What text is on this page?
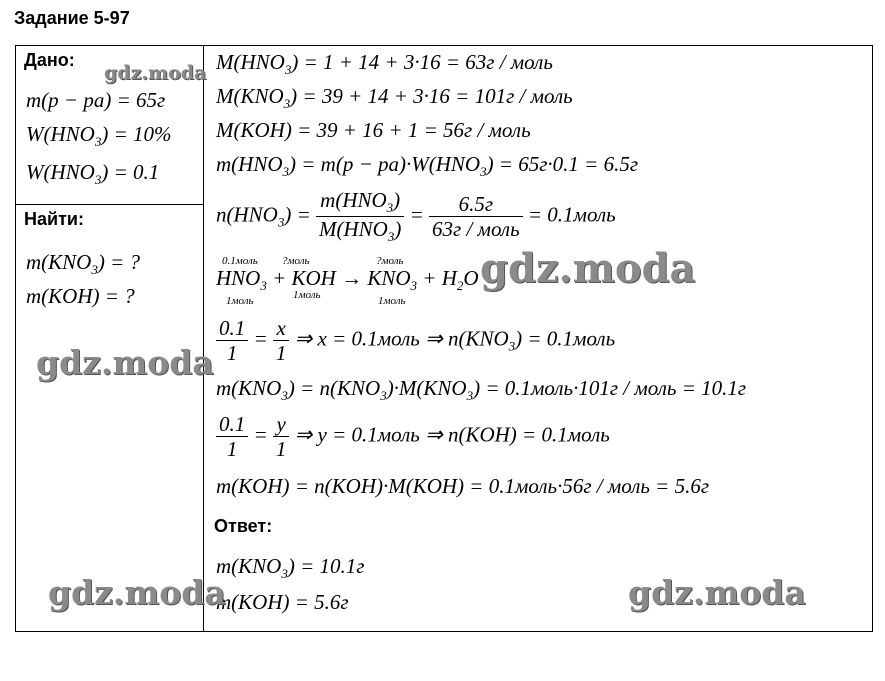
Задание 5-97
Дано:
m(p − pa) = 65г
$W(HNO_3) = 10\%$
$W(HNO_3) = 0.1$
Найти:
$m(KNO_3)$ = ?
m(KOH) = ?
$M(HNO_3) = 1 + 14 + 3\cdot 16 = 63г$ / моль
$M(KNO_3) = 39 + 14 + 3\cdot 16 = 101г$ / моль
M(KOH) = 39 + 16 + 1 = 56г / моль
$m(HNO_3) = m(p - pa)\cdot W(HNO_3) = 65г\cdot 0.1 = 6.5г$
$n(HNO_3) = \frac{m(HNO_3)}{M(HNO_3)} = \frac{6.5г}{\text{63г / моль}}$ = 0.1моль
0.1моль ?моль	?моль
$HNO_3$ + KOH → $KNO_3 + H_2O$
1моль	1моль	1моль
$\frac{0.1}{1} = \frac{x}{1}$ ⇒ x = 0.1моль ⇒ $n(KNO_3)$ = 0.1моль
$m(KNO_3) = n(KNO_3)\cdot M(KNO_3)$ = 0.1моль·101г / моль = 10.1г
$\frac{0.1}{1} = \frac{y}{1}$ ⇒ y = 0.1моль ⇒ n(KOH) = 0.1моль
m(KOH) = n(KOH)·M(KOH) = 0.1моль·56г / моль = 5.6г
Ответ:
$m(KNO_3) = 10.1г$
m(KOH) = 5.6г
gdz.moda
gdz.moda
gdz.moda
gdz.moda	gdz.moda
